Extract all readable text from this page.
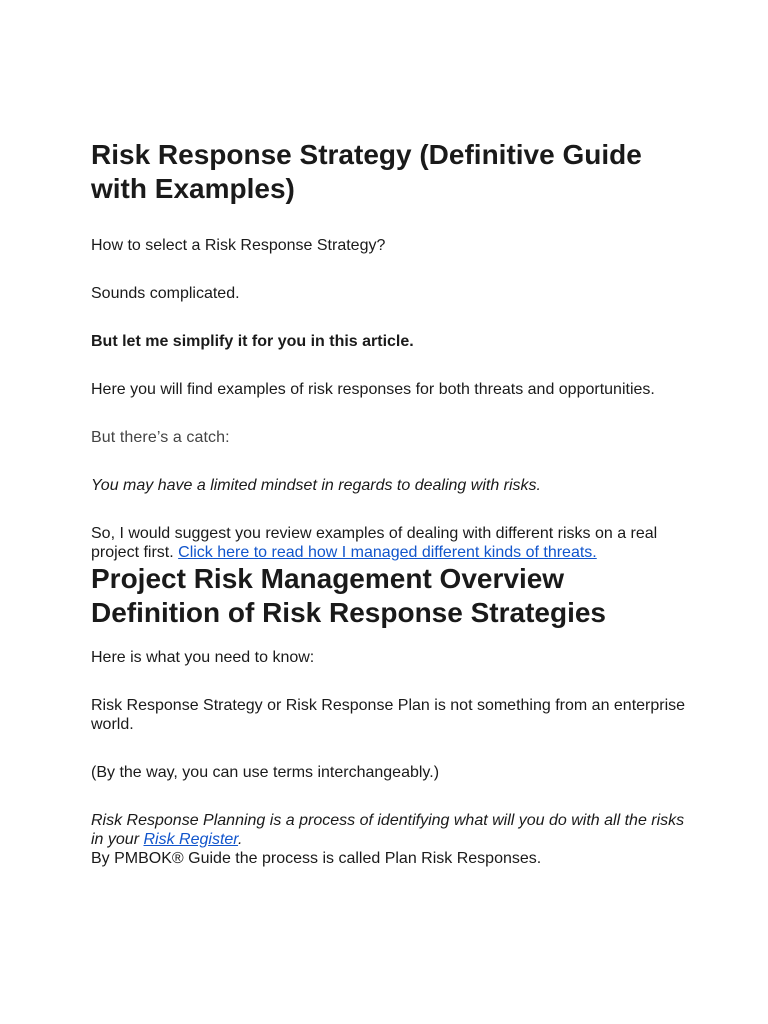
Risk Response Strategy (Definitive Guide with Examples)

How to select a Risk Response Strategy?

Sounds complicated.

But let me simplify it for you in this article.

Here you will find examples of risk responses for both threats and opportunities.

But there’s a catch:

You may have a limited mindset in regards to dealing with risks.

So, I would suggest you review examples of dealing with different risks on a real project first. Click here to read how I managed different kinds of threats.

Project Risk Management Overview
Definition of Risk Response Strategies

Here is what you need to know:

Risk Response Strategy or Risk Response Plan is not something from an enterprise world.

(By the way, you can use terms interchangeably.)

Risk Response Planning is a process of identifying what will you do with all the risks in your Risk Register.

By PMBOK® Guide the process is called Plan Risk Responses.
